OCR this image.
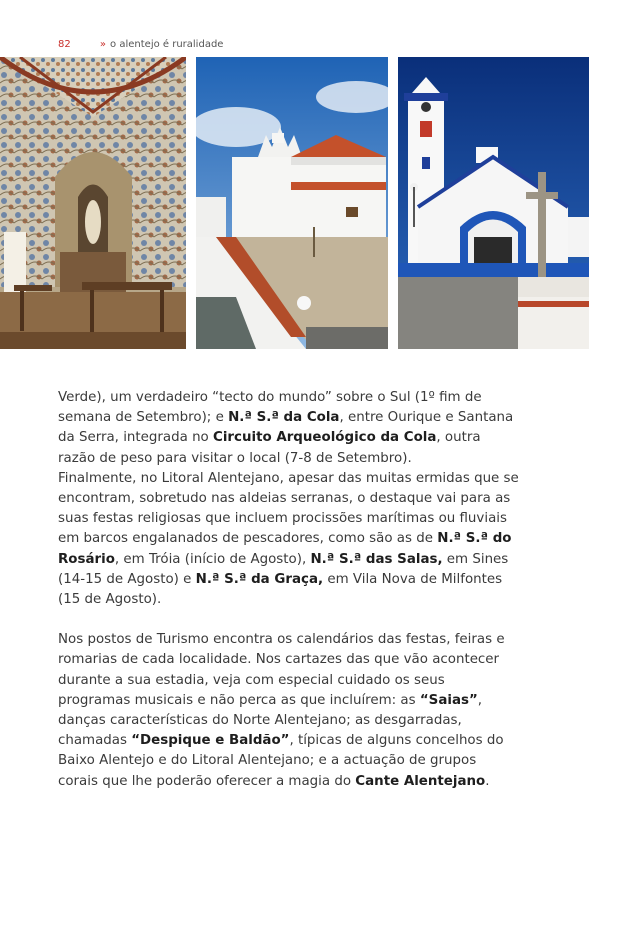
82	» o alentejo é ruralidade

Verde), um verdadeiro “tecto do mundo” sobre o Sul (1º fim de semana de Setembro); e N.ª S.ª da Cola, entre Ourique e Santana da Serra, integrada no Circuito Arqueológico da Cola, outra razão de peso para visitar o local (7-8 de Setembro).

Finalmente, no Litoral Alentejano, apesar das muitas ermidas que se encontram, sobretudo nas aldeias serranas, o destaque vai para as suas festas religiosas que incluem procissões marítimas ou fluviais em barcos engalanados de pescadores, como são as de N.ª S.ª do Rosário, em Tróia (início de Agosto), N.ª S.ª das Salas, em Sines (14-15 de Agosto) e N.ª S.ª da Graça, em Vila Nova de Milfontes (15 de Agosto).

Nos postos de Turismo encontra os calendários das festas, feiras e romarias de cada localidade. Nos cartazes das que vão acontecer durante a sua estadia, veja com especial cuidado os seus programas musicais e não perca as que incluírem: as “Saias”, danças características do Norte Alentejano; as desgarradas, chamadas “Despique e Baldão”, típicas de alguns concelhos do Baixo Alentejo e do Litoral Alentejano; e a actuação de grupos corais que lhe poderão oferecer a magia do Cante Alentejano.
